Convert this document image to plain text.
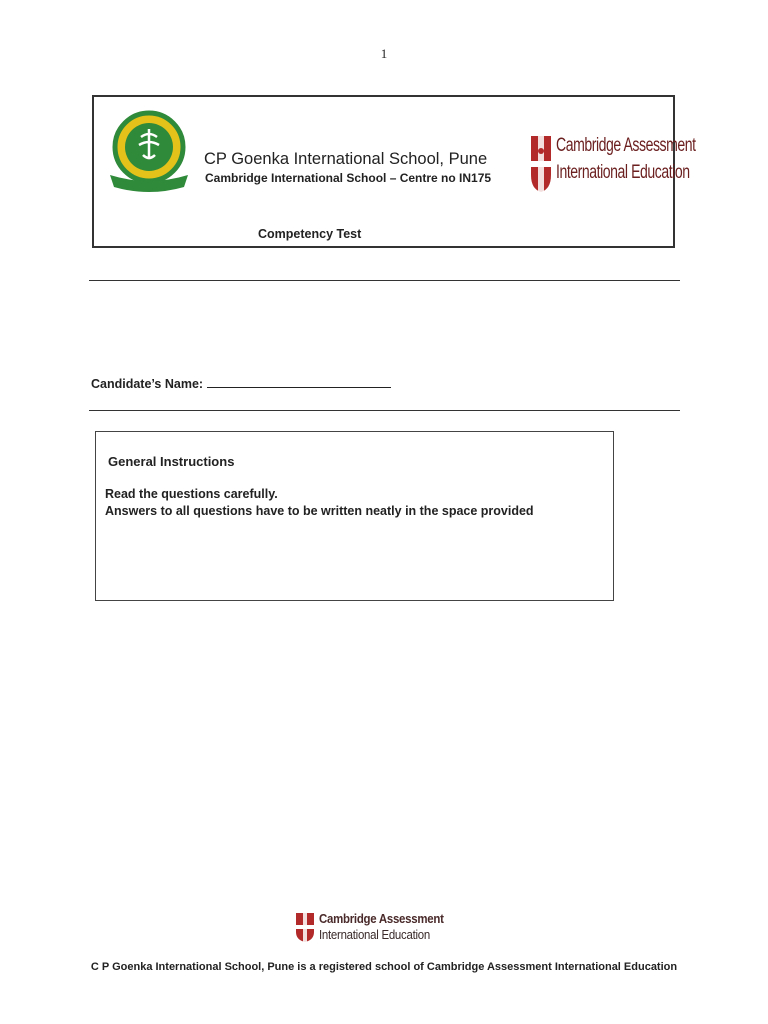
1
CP Goenka International School, Pune
Cambridge International School – Centre no IN175
Cambridge Assessment
International Education
Competency Test
Candidate’s Name:
General Instructions
Read the questions carefully.
Answers to all questions have to be written neatly in the space provided
Cambridge Assessment
International Education
C P Goenka International School, Pune is a registered school of Cambridge Assessment International Education
